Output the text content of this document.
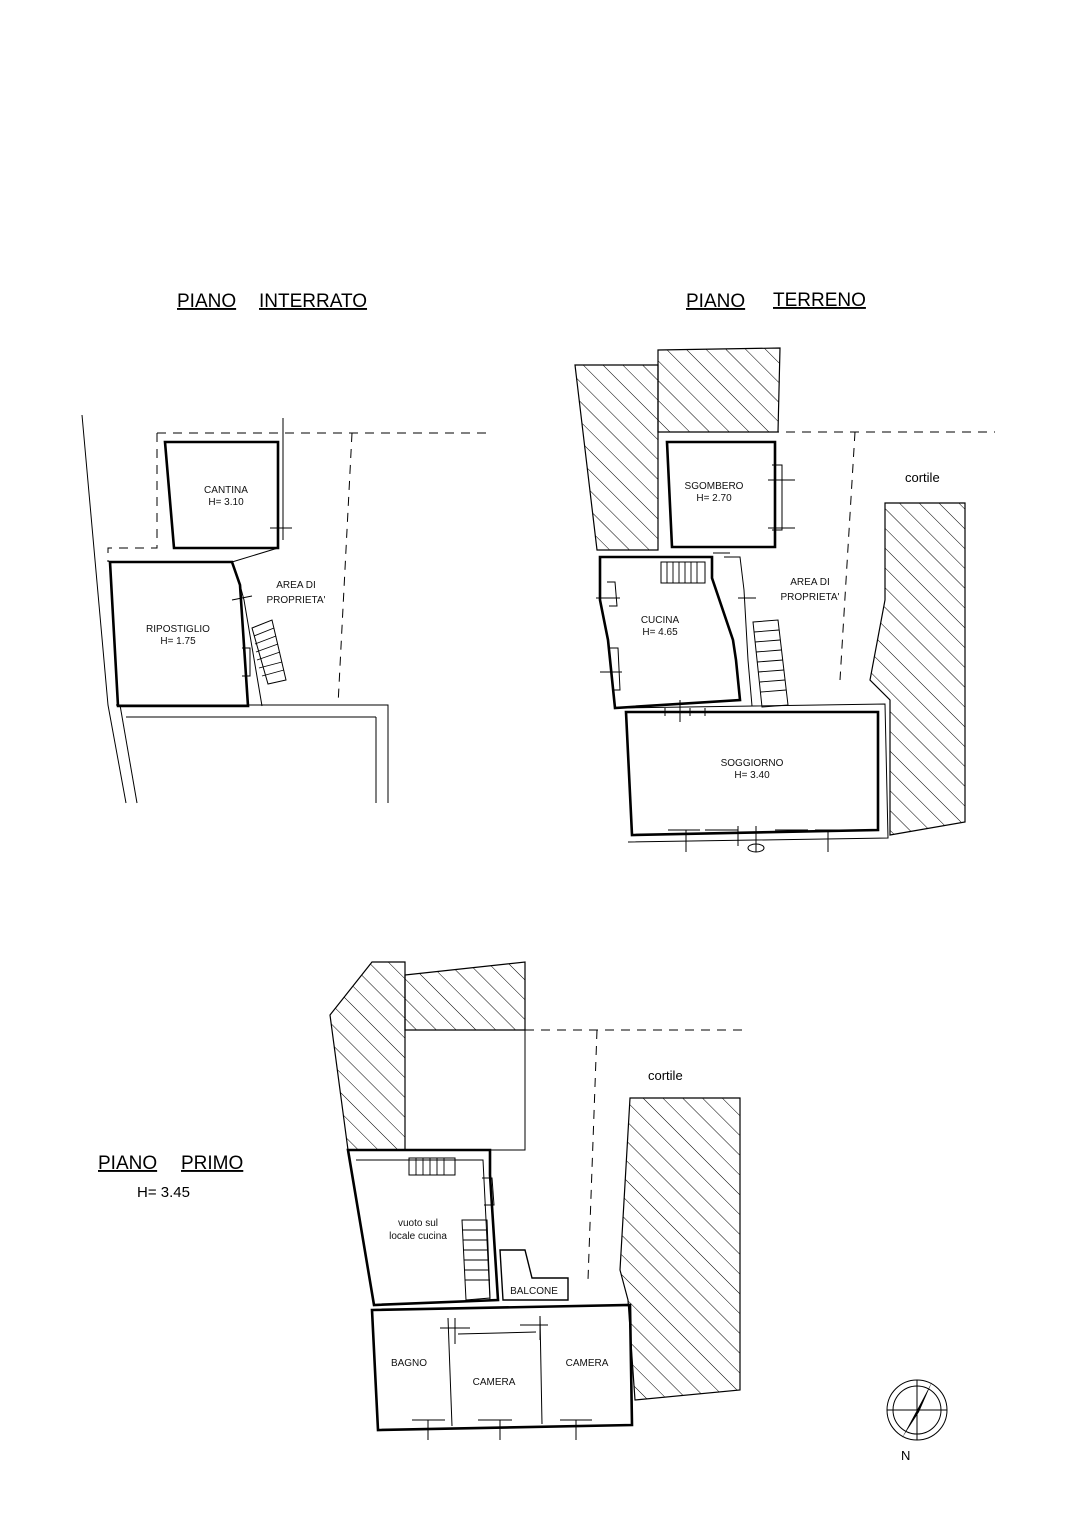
PIANO INTERRATO	PIANO TERRENO
PIANO PRIMO
H= 3.45
CANTINA H= 3.10
RIPOSTIGLIO H= 1.75
AREA DI PROPRIETA'
SGOMBERO H= 2.70
CUCINA H= 4.65
AREA DI PROPRIETA'
SOGGIORNO H= 3.40
cortile
vuoto sul locale cucina
BALCONE
BAGNO
CAMERA
CAMERA
cortile
N
